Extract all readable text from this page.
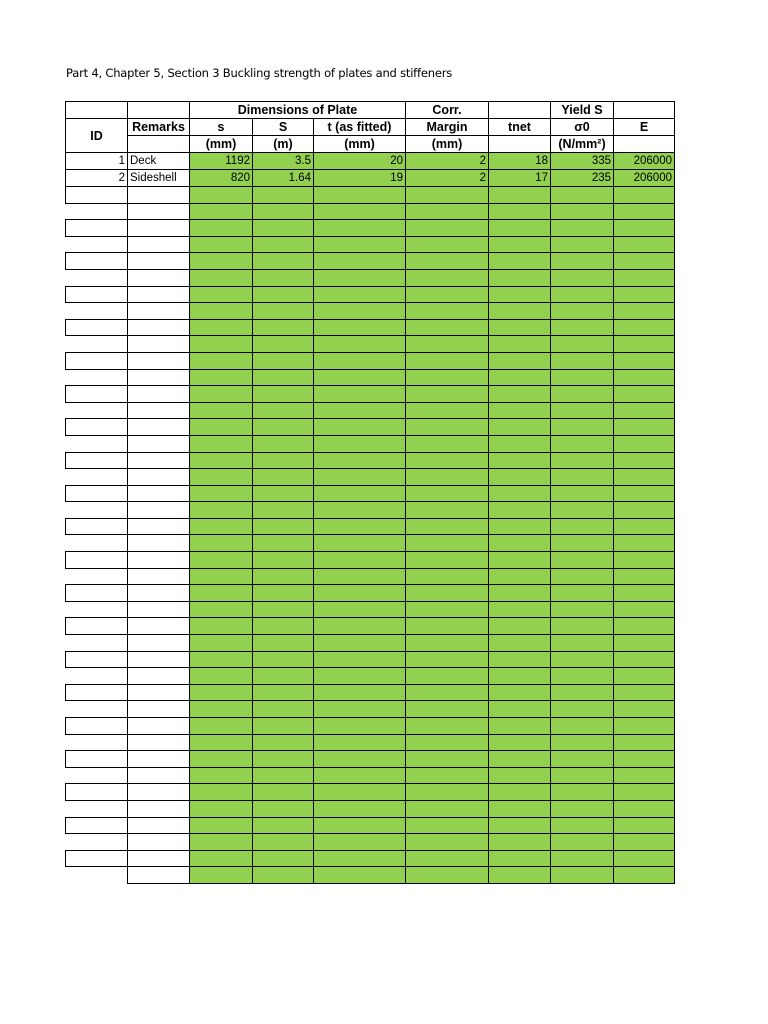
Part 4, Chapter 5, Section 3 Buckling strength of plates and stiffeners
		Dimensions of Plate			Corr.		Yield S	
ID	Remarks	s	S	t (as fitted)	Margin	tnet	σ0	E
		(mm)	(m)	(mm)	(mm)		(N/mm²)	
1	Deck	1192	3.5	20	2	18	335	206000
2	Sideshell	820	1.64	19	2	17	235	206000
